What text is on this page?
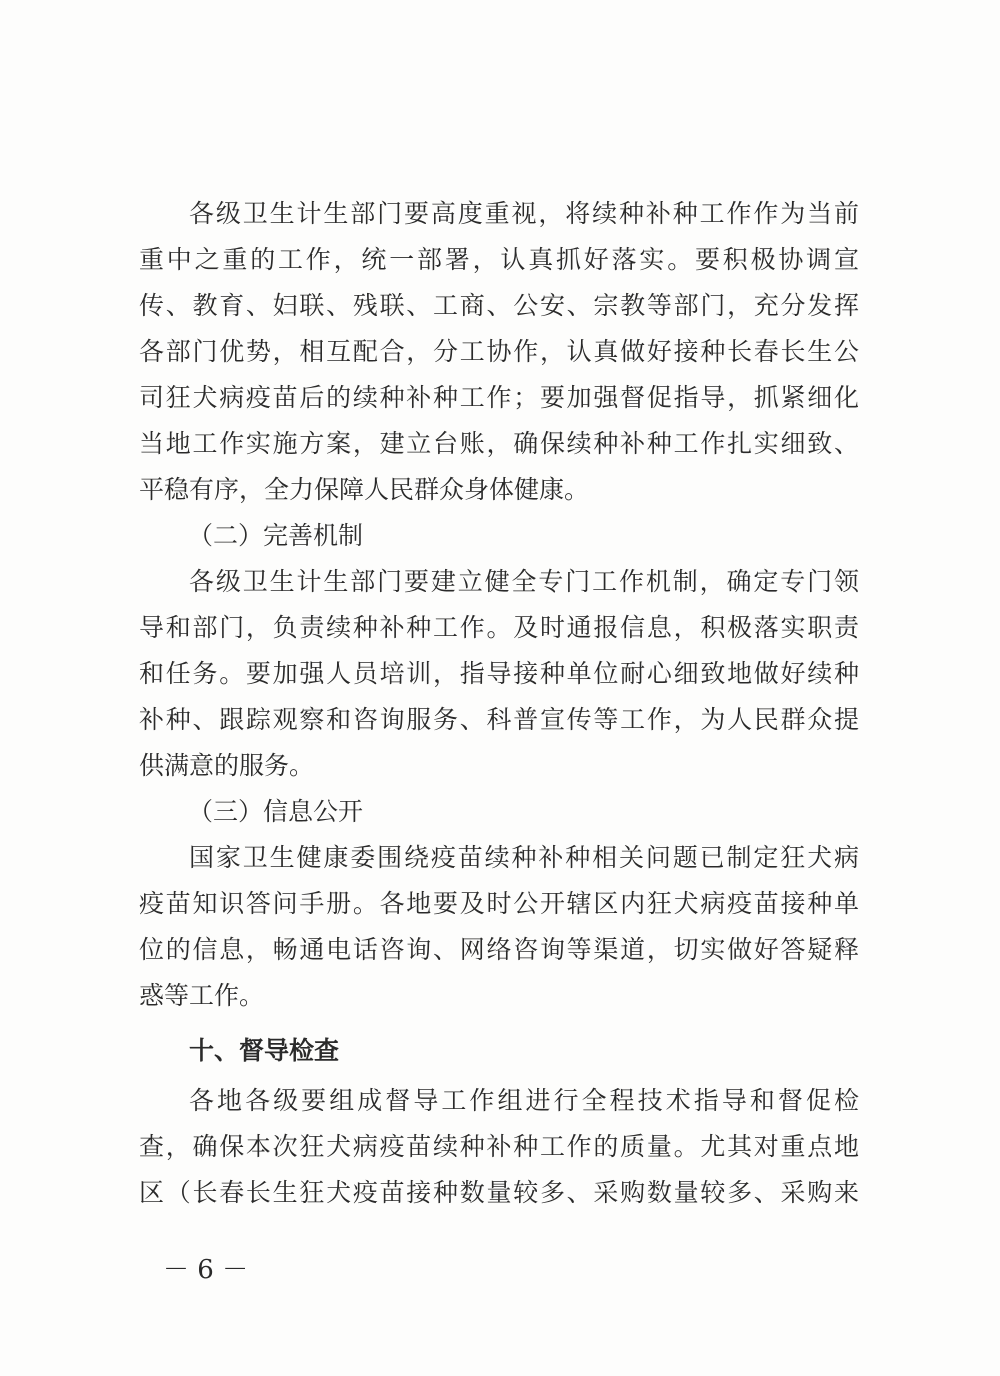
各级卫生计生部门要高度重视，将续种补种工作作为当前
重中之重的工作，统一部署，认真抓好落实。要积极协调宣
传、教育、妇联、残联、工商、公安、宗教等部门，充分发挥
各部门优势，相互配合，分工协作，认真做好接种长春长生公
司狂犬病疫苗后的续种补种工作；要加强督促指导，抓紧细化
当地工作实施方案，建立台账，确保续种补种工作扎实细致、
平稳有序，全力保障人民群众身体健康。
（二）完善机制
各级卫生计生部门要建立健全专门工作机制，确定专门领
导和部门，负责续种补种工作。及时通报信息，积极落实职责
和任务。要加强人员培训，指导接种单位耐心细致地做好续种
补种、跟踪观察和咨询服务、科普宣传等工作，为人民群众提
供满意的服务。
（三）信息公开
国家卫生健康委围绕疫苗续种补种相关问题已制定狂犬病
疫苗知识答问手册。各地要及时公开辖区内狂犬病疫苗接种单
位的信息，畅通电话咨询、网络咨询等渠道，切实做好答疑释
惑等工作。
十、督导检查
各地各级要组成督导工作组进行全程技术指导和督促检
查，确保本次狂犬病疫苗续种补种工作的质量。尤其对重点地
区（长春长生狂犬疫苗接种数量较多、采购数量较多、采购来
－ 6 －
